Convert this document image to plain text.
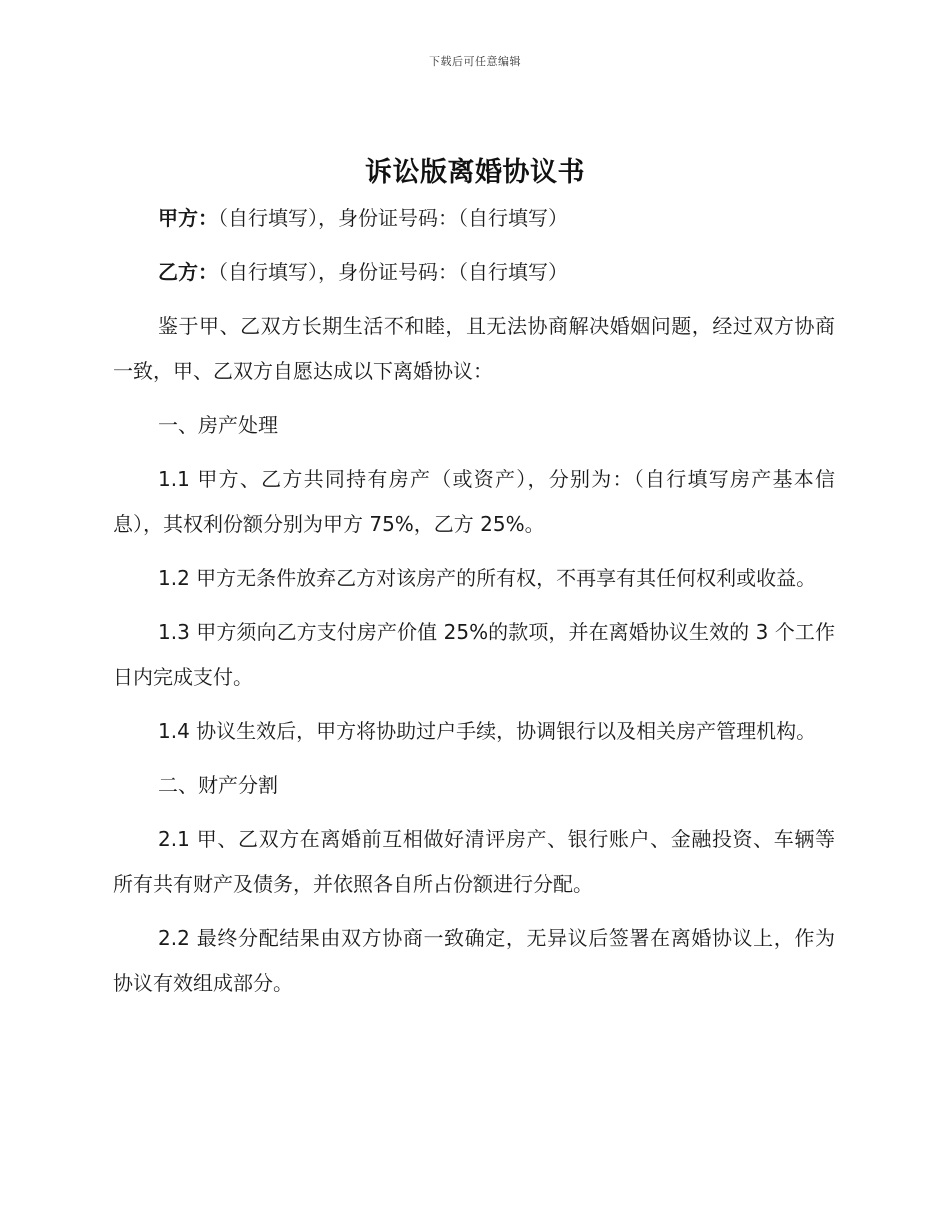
下载后可任意编辑
诉讼版离婚协议书

甲方：（自行填写），身份证号码：（自行填写）

乙方：（自行填写），身份证号码：（自行填写）

鉴于甲、乙双方长期生活不和睦，且无法协商解决婚姻问题，经过双方协商一致，甲、乙双方自愿达成以下离婚协议：

一、房产处理

1.1 甲方、乙方共同持有房产（或资产），分别为：（自行填写房产基本信息），其权利份额分别为甲方 75%，乙方 25%。

1.2 甲方无条件放弃乙方对该房产的所有权，不再享有其任何权利或收益。

1.3 甲方须向乙方支付房产价值 25%的款项，并在离婚协议生效的 3 个工作日内完成支付。

1.4 协议生效后，甲方将协助过户手续，协调银行以及相关房产管理机构。

二、财产分割

2.1 甲、乙双方在离婚前互相做好清评房产、银行账户、金融投资、车辆等所有共有财产及债务，并依照各自所占份额进行分配。

2.2 最终分配结果由双方协商一致确定，无异议后签署在离婚协议上，作为协议有效组成部分。
